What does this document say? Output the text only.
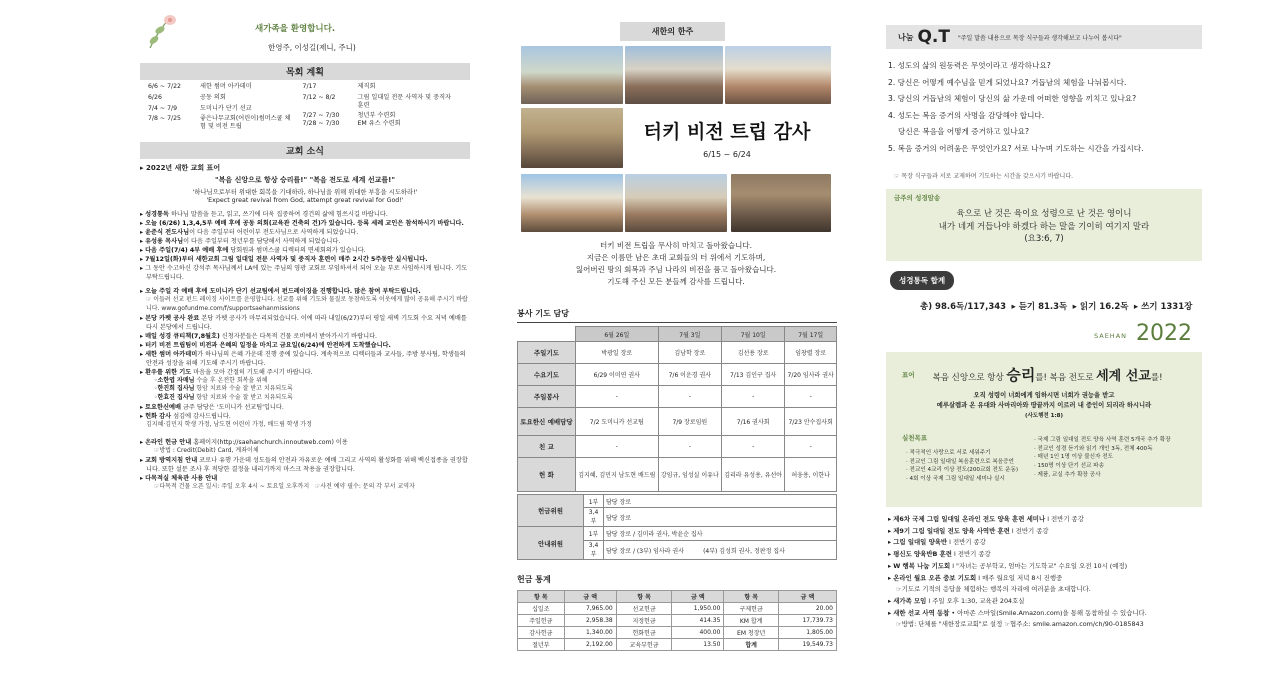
새가족을 환영합니다.
한영주, 이성길(제니, 주니)
목회 계획
6/6 ~ 7/22	새한 썸머 아카데미
6/26	공동 의회
7/4 ~ 7/9	도미니카 단기 선교
7/8 ~ 7/25	좋은나무교회(어린이)썸머스쿨 체험 및 비전 트립
7/17	제직회
7/12 ~ 8/2	그림 일대일 전문 사역자 및 중직자 훈련
7/27 ~ 7/30	청년부 수련회
7/28 ~ 7/30	EM 유스 수련회
교회 소식
▸ 2022년 새한 교회 표어
"복음 신앙으로 항상 승리를!" "복음 전도로 세계 선교를!"
'하나님으로부터 위대한 회복을 기대하라, 하나님을 위해 위대한 부흥을 시도하라!'
'Expect great revival from God, attempt great revival for God!'
▸ 성경통독 하나님 말씀을 듣고, 읽고, 쓰기에 더욱 집중하여 경건의 삶에 힘쓰시길 바랍니다.
▸ 오늘 (6/26) 1,3,4,5부 예배 후에 공동 의회(교육관 건축의 건)가 있습니다. 등록 세례 교인은 참석하시기 바랍니다.
▸ 윤준식 전도사님이 다음 주일부터 어린이부 전도사님으로 사역하게 되었습니다.
▸ 유성용 목사님이 다음 주일부터 청년부를 담당해서 사역하게 되었습니다.
▸ 다음 주일(7/4) 4부 예배 후에 당회원과 썸머스쿨 디렉터의 면세회의가 있습니다.
▸ 7월12일(화)부터 새한교회 그림 일대일 전문 사역자 및 중직자 훈련이 매주 2시간 5주동안 실시됩니다.
▸ 그 동안 수고하신 강석주 목사님께서 LA에 있는 주님의 영광 교회로 부임하셔서 되어 오늘 부로 사임하시게 됩니다. 기도 부탁드립니다.
▸ 오늘 주일 각 예배 후에 도미니카 단기 선교팀에서 펀드레이징을 진행합니다. 많은 참여 부탁드립니다.
☞ 이들려 선교 펀드 레이징 사이트를 운영합니다. 선교를 위해 기도와 물질로 동참하도록 이웃에게 많이 공유해 주시기 바랍니다. www.gofundme.com/f/supportsaehanmissions
▸ 본당 카펫 공사 완료 본당 카펫 공사가 마무리되었습니다. 이에 따라 내일(6/27)부터 평일 새벽 기도회 수요 저녁 예배를 다시 본당에서 드립니다.
▸ 매일 성경 큐티책(7,8월호) 신청자분들은 다목적 건물 로비에서 받아가시기 바랍니다.
▸ 터키 비전 트립팀이 비전과 은혜의 일정을 마치고 금요일(6/24)에 안전하게 도착했습니다.
▸ 새한 썸머 아카데미가 하나님의 은혜 가운데 진행 중에 있습니다. 계속적으로 디렉터들과 교사들, 주방 봉사팀, 학생들의 안전과 성장을 위해 기도해 주시기 바랍니다.
▸ 환우를 위한 기도 마음을 모아 간절히 기도해 주시기 바랍니다.
◦소한엽 자매님 수술 후 온전한 회복을 위해
◦한진희 집사님 항암 치료와 수술 잘 받고 치유되도록
◦한효진 집사님 항암 치료와 수술 잘 받고 치유되도록
▸ 토요한신예배 금주 담당은 '도미니카 선교팀'입니다.
▸ 헌화 감사 섬김에 감사드립니다.
김지혜·김민지 학생 가정, 남도현 어린이 가정, 배드림 학생 가정
▸ 온라인 헌금 안내 홈페이지(http://saehanchurch.innoutweb.com) 이용
☞방법 : Credit(Debit) Card, 계좌이체
▸ 교회 방역지침 안내 코로나 유행 가운데 성도들의 안전과 자유로운 예배 그리고 사역의 활성화를 위해 백신접종을 권장합니다. 또한 설문 조사 후 적당한 결정을 내리기까지 마스크 착용을 권장합니다.
▸ 다목적실 체육관 사용 안내
☞다목적 건물 오픈 일시: 주일 오후 4시 ~ 토요일 오후까지 ☞사전 예약 필수: 문의 각 부서 교역자
새한의 한주
터키 비전 트립 감사
6/15 ~ 6/24
터키 비전 트립을 무사히 마치고 돌아왔습니다.
지금은 이름만 남은 초대 교회들의 터 위에서 기도하며,
잃어버린 땅의 회복과 주님 나라의 비전을 품고 돌아왔습니다.
기도해 주신 모든 분들께 감사를 드립니다.
봉사 기도 담당
	6월 26일	7월 3일	7월 10일	7월 17일
주일기도	박광일 장로	김남학 장로	김선용 장로	임창렬 장로
수요기도	6/29 이미연 권사	7/6 이운경 권사	7/13 김인구 집사	7/20 임사라 권사
주일봉사	-	-	-	-
토요한신 예배담당	7/2 도미니카 선교팀	7/9 장로임원	7/16 권사회	7/23 안수집사회
친 교	-	-	-	-
헌 화	김지혜, 김민지 남도현 배드림	강임규, 임성실 이유나	김리라 유성용, 유선아	허웅용, 이한나
헌금위원	1부	담당 장로
	3,4부	담당 장로
안내위원	1부	담당 장로 / 김미라 권사, 박윤순 집사
	3,4부	담당 장로 / (3부) 임사라 권사          (4부) 김성희 권사, 정판정 집사
헌금 통계
항 목	금 액	항 목	금 액	항 목	금 액
십일조	7,965.00	선교헌금	1,950.00	구제헌금	20.00
주일헌금	2,958.38	지정헌금	414.35	KM 합계	17,739.73
감사헌금	1,340.00	헌화헌금	400.00	EM 청장년	1,805.00
절년부	2,192.00	교육부헌금	13.50	합계	19,549.73
나눔 Q.T "주일 말씀 내용으로 목장 식구들과 생각해보고 나누어 봅시다"
1. 성도의 삶의 원동력은 무엇이라고 생각하나요?
2. 당신은 어떻게 예수님을 믿게 되었나요? 거듭남의 체험을 나눠봅시다.
3. 당신의 거듭남의 체험이 당신의 삶 가운데 어떠한 영향을 끼치고 있나요?
4. 성도는 복음 증거의 사명을 감당해야 합니다.
당신은 복음을 어떻게 증거하고 있나요?
5. 복음 증거의 어려움은 무엇인가요? 서로 나누며 기도하는 시간을 가집시다.
☞ 목장 식구들과 서로 교제하며 기도하는 시간을 갖으시기 바랍니다.
금주의 성경암송
육으로 난 것은 육이요 성령으로 난 것은 영이니
내가 네게 거듭나야 하겠다 하는 말을 기이히 여기지 말라
(요3:6, 7)
성경통독 합계
총) 98.6독/117,343 ▸ 듣기 81.3독 ▸ 읽기 16.2독 ▸ 쓰기 1331장
SAEHAN 2022
표어 복음 신앙으로 항상 승리를! 복음 전도로 세계 선교를!
오직 성령이 너희에게 임하시면 너희가 권능을 받고
예루살렘과 온 유대와 사마리아와 땅끝까지 이르러 내 증인이 되리라 하시니라
(사도행전 1:8)
실천목표
· 적극적인 사랑으로 서로 세워주기
· 전교인 그림 일대일 복음훈련으로 복음증언
· 전교인 4교리 이상 전도(200교회 전도 운동)
· 4회 이상 국제 그림 일대일 세미나 실시
· 국제 그림 일대일 전도 양육 사역 훈련 5개국 추가 확장
· 전교인 성경 듣기와 읽기 개인 3독, 전체 400독
· 매년 1인 1명 이상 불신자 전도
· 150명 이상 단기 선교 파송
· 제품, 교실 추가 확장 공사
▸ 제6차 국제 그림 일대일 온라인 전도 양육 훈련 세미나 l 전반기 종강
▸ 제9기 그림 일대일 전도 양육 사역반 훈련 l 전반기 종강
▸ 그림 일대일 양육반 l 전반기 종강
▸ 평신도 양육반B 훈련 l 전반기 종강
▸ W 행복 나눔 기도회 l "자녀는 공부학교, 엄마는 기도학교" 수요일 오전 10시 (예정)
▸ 온라인 월요 오픈 중보 기도회 l 매주 월요일 저녁 8시 진행중
☞기도로 기적의 응답을 체험하는 행복의 자리에 여러분을 초대합니다.
▸ 새가족 모임 l 주일 오후 1:30, 교육관 204호실
▸ 새한 선교 사역 동참 • 아마존 스마일(Smile.Amazon.com)을 통해 동참하실 수 있습니다.
☞방법: 단체를 "새한장로교회"로 설정 ☞협주소: smile.amazon.com/ch/90-0185843
